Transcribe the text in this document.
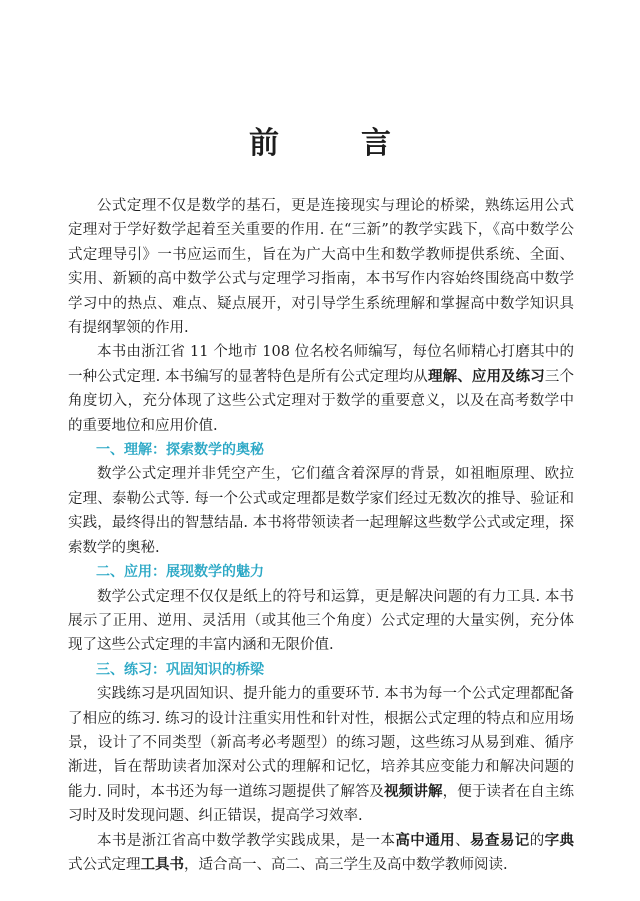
前　言

公式定理不仅是数学的基石，更是连接现实与理论的桥梁，熟练运用公式定理对于学好数学起着至关重要的作用. 在“三新”的教学实践下，《高中数学公式定理导引》一书应运而生，旨在为广大高中生和数学教师提供系统、全面、实用、新颖的高中数学公式与定理学习指南，本书写作内容始终围绕高中数学学习中的热点、难点、疑点展开，对引导学生系统理解和掌握高中数学知识具有提纲挈领的作用.

本书由浙江省 11 个地市 108 位名校名师编写，每位名师精心打磨其中的一种公式定理. 本书编写的显著特色是所有公式定理均从理解、应用及练习三个角度切入，充分体现了这些公式定理对于数学的重要意义，以及在高考数学中的重要地位和应用价值.

一、理解：探索数学的奥秘

数学公式定理并非凭空产生，它们蕴含着深厚的背景，如祖暅原理、欧拉定理、泰勒公式等. 每一个公式或定理都是数学家们经过无数次的推导、验证和实践，最终得出的智慧结晶. 本书将带领读者一起理解这些数学公式或定理，探索数学的奥秘.

二、应用：展现数学的魅力

数学公式定理不仅仅是纸上的符号和运算，更是解决问题的有力工具. 本书展示了正用、逆用、灵活用（或其他三个角度）公式定理的大量实例，充分体现了这些公式定理的丰富内涵和无限价值.

三、练习：巩固知识的桥梁

实践练习是巩固知识、提升能力的重要环节. 本书为每一个公式定理都配备了相应的练习. 练习的设计注重实用性和针对性，根据公式定理的特点和应用场景，设计了不同类型（新高考必考题型）的练习题，这些练习从易到难、循序渐进，旨在帮助读者加深对公式的理解和记忆，培养其应变能力和解决问题的能力. 同时，本书还为每一道练习题提供了解答及视频讲解，便于读者在自主练习时及时发现问题、纠正错误，提高学习效率.

本书是浙江省高中数学教学实践成果，是一本高中通用、易查易记的字典式公式定理工具书，适合高一、高二、高三学生及高中数学教师阅读.
